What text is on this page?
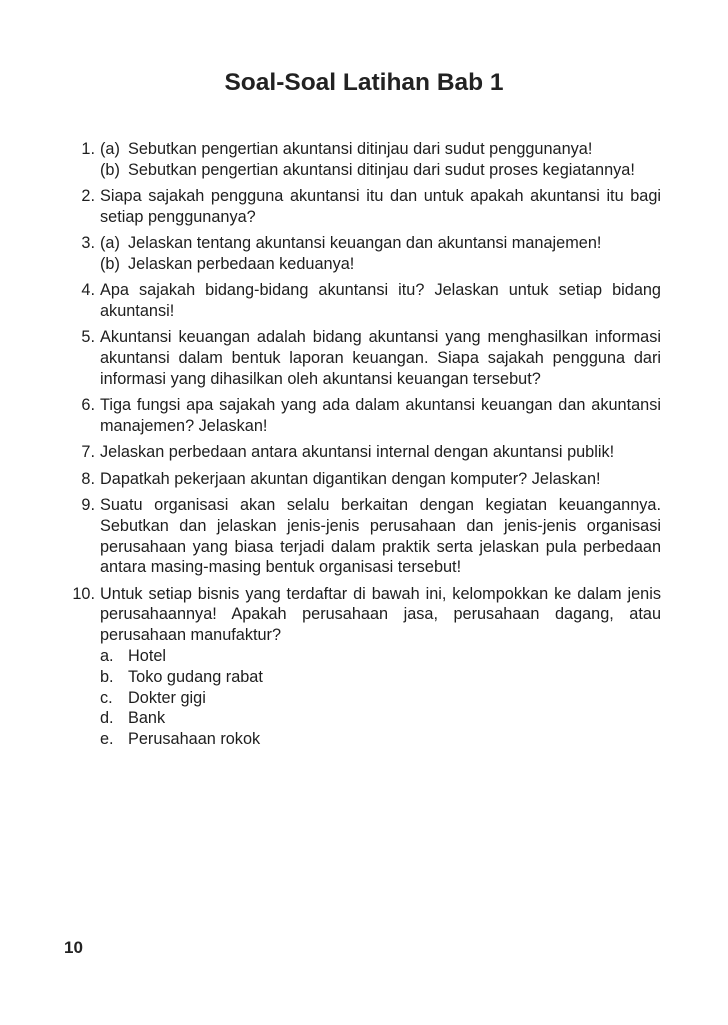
Soal-Soal Latihan Bab 1
1. (a) Sebutkan pengertian akuntansi ditinjau dari sudut penggunanya!
(b) Sebutkan pengertian akuntansi ditinjau dari sudut proses kegiatannya!
2. Siapa sajakah pengguna akuntansi itu dan untuk apakah akuntansi itu bagi setiap penggunanya?
3. (a) Jelaskan tentang akuntansi keuangan dan akuntansi manajemen!
(b) Jelaskan perbedaan keduanya!
4. Apa sajakah bidang-bidang akuntansi itu? Jelaskan untuk setiap bidang akuntansi!
5. Akuntansi keuangan adalah bidang akuntansi yang menghasilkan informasi akuntansi dalam bentuk laporan keuangan. Siapa sajakah pengguna dari informasi yang dihasilkan oleh akuntansi keuangan tersebut?
6. Tiga fungsi apa sajakah yang ada dalam akuntansi keuangan dan akuntansi manajemen? Jelaskan!
7. Jelaskan perbedaan antara akuntansi internal dengan akuntansi publik!
8. Dapatkah pekerjaan akuntan digantikan dengan komputer? Jelaskan!
9. Suatu organisasi akan selalu berkaitan dengan kegiatan keuangannya. Sebutkan dan jelaskan jenis-jenis perusahaan dan jenis-jenis organisasi perusahaan yang biasa terjadi dalam praktik serta jelaskan pula perbedaan antara masing-masing bentuk organisasi tersebut!
10. Untuk setiap bisnis yang terdaftar di bawah ini, kelompokkan ke dalam jenis perusahaannya! Apakah perusahaan jasa, perusahaan dagang, atau perusahaan manufaktur?
a. Hotel
b. Toko gudang rabat
c. Dokter gigi
d. Bank
e. Perusahaan rokok
10
